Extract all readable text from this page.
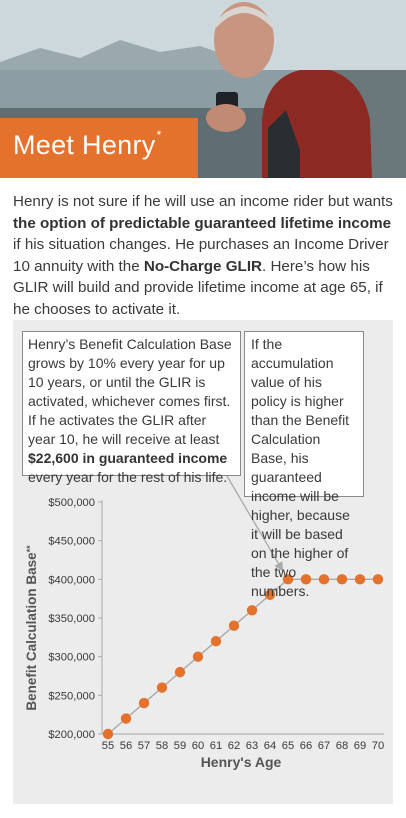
Meet Henry*
Henry is not sure if he will use an income rider but wants the option of predictable guaranteed lifetime income if his situation changes. He purchases an Income Driver 10 annuity with the No-Charge GLIR. Here’s how his GLIR will build and provide lifetime income at age 65, if he chooses to activate it.
$200,000
$250,000
$300,000
$350,000
$400,000
$450,000
$500,000
55 56 57 58 59 60 61 62 63 64 65 66 67 68 69 70
Benefit Calculation Base**
Henry's Age
Henry’s Benefit Calculation Base grows by 10% every year for up 10 years, or until the GLIR is activated, whichever comes first. If he activates the GLIR after year 10, he will receive at least $22,600 in guaranteed income every year for the rest of his life.
If the accumulation value of his policy is higher than the Benefit Calculation Base, his guaranteed income will be higher, because it will be based on the higher of the two numbers.
